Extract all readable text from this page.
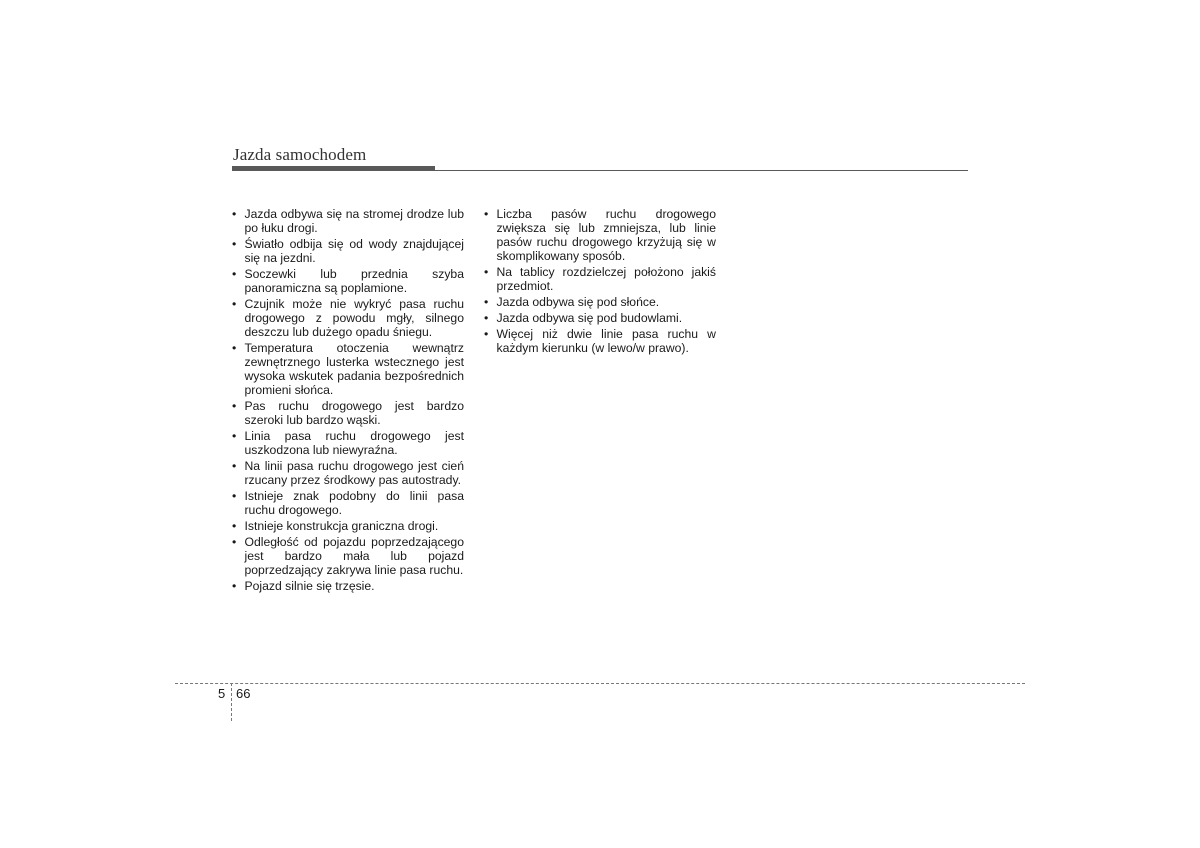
Jazda samochodem
• Jazda odbywa się na stromej drodze lub po łuku drogi.
• Światło odbija się od wody znajdującej się na jezdni.
• Soczewki lub przednia szyba panoramiczna są poplamione.
• Czujnik może nie wykryć pasa ruchu drogowego z powodu mgły, silnego deszczu lub dużego opadu śniegu.
• Temperatura otoczenia wewnątrz zewnętrznego lusterka wstecznego jest wysoka wskutek padania bezpośrednich promieni słońca.
• Pas ruchu drogowego jest bardzo szeroki lub bardzo wąski.
• Linia pasa ruchu drogowego jest uszkodzona lub niewyraźna.
• Na linii pasa ruchu drogowego jest cień rzucany przez środkowy pas autostrady.
• Istnieje znak podobny do linii pasa ruchu drogowego.
• Istnieje konstrukcja graniczna drogi.
• Odległość od pojazdu poprzedzającego jest bardzo mała lub pojazd poprzedzający zakrywa linie pasa ruchu.
• Pojazd silnie się trzęsie.
• Liczba pasów ruchu drogowego zwiększa się lub zmniejsza, lub linie pasów ruchu drogowego krzyżują się w skomplikowany sposób.
• Na tablicy rozdzielczej położono jakiś przedmiot.
• Jazda odbywa się pod słońce.
• Jazda odbywa się pod budowlami.
• Więcej niż dwie linie pasa ruchu w każdym kierunku (w lewo/w prawo).
5 66
